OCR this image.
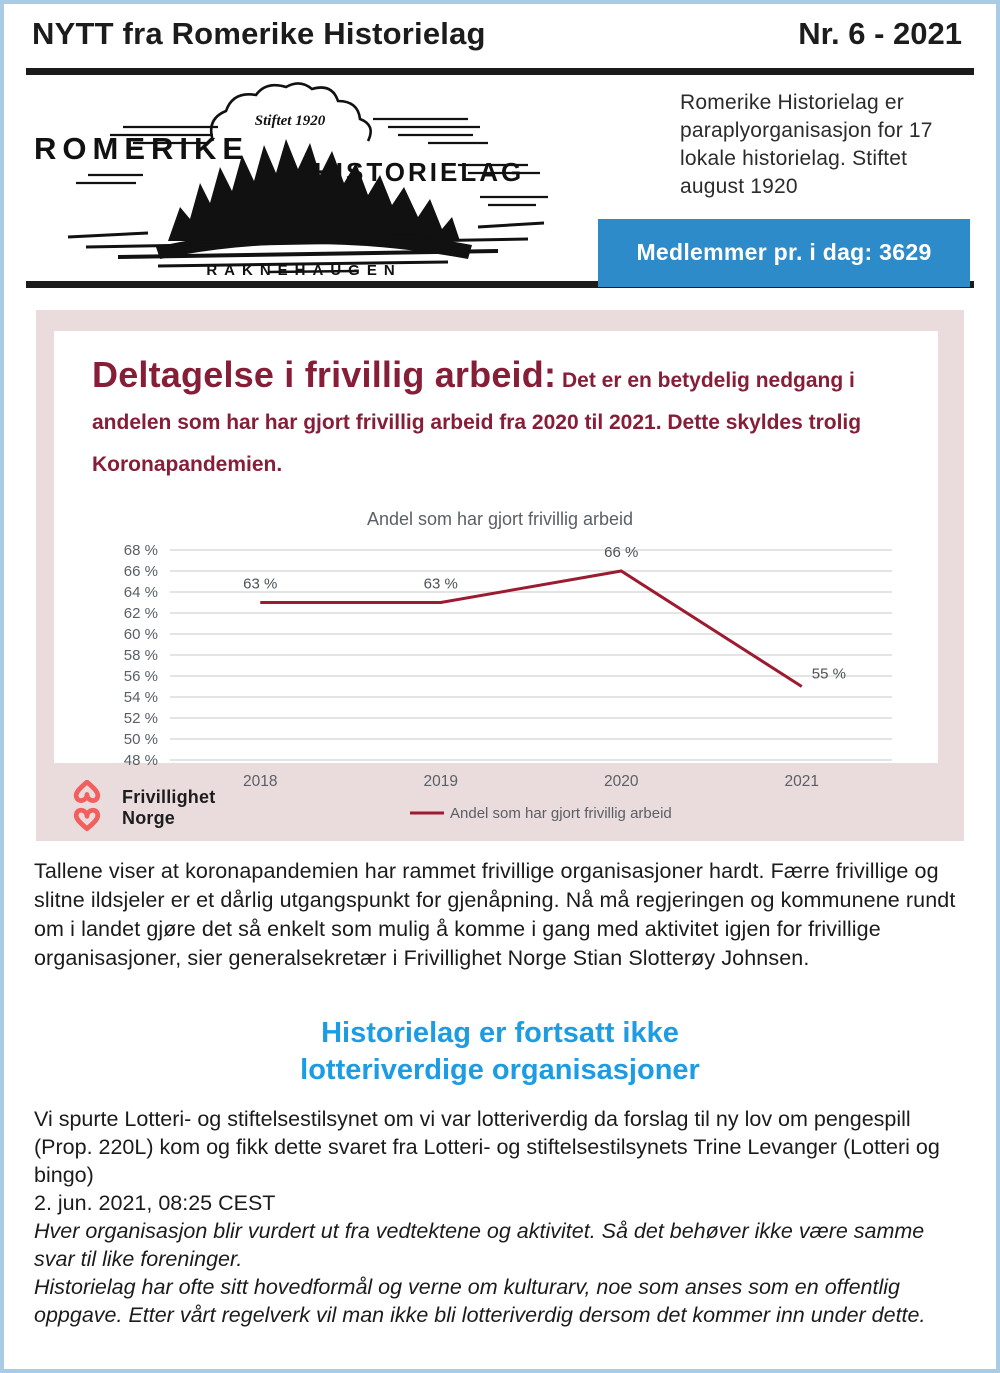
NYTT fra Romerike Historielag	Nr. 6 - 2021
Stiftet 1920
ROMERIKE
HISTORIELAG
RAKNEHAUGEN
Romerike Historielag er paraplyorganisasjon for 17 lokale historielag. Stiftet august 1920
Medlemmer pr. i dag: 3629
Deltagelse i frivillig arbeid: Det er en betydelig nedgang i andelen som har har gjort frivillig arbeid fra 2020 til 2021. Dette skyldes trolig Koronapandemien.
Andel som har gjort frivillig arbeid
48 %
50 %
52 %
54 %
56 %
58 %
60 %
62 %
64 %
66 %
68 %
2018	2019	2020	2021
63 %	63 %
66 %
55 %
Andel som har gjort frivillig arbeid
Frivillighet
Norge

Tallene viser at koronapandemien har rammet frivillige organisasjoner hardt. Færre frivillige og slitne ildsjeler er et dårlig utgangspunkt for gjenåpning. Nå må regjeringen og kommunene rundt om i landet gjøre det så enkelt som mulig å komme i gang med aktivitet igjen for frivillige organisasjoner, sier generalsekretær i Frivillighet Norge Stian Slotterøy Johnsen.

Historielag er fortsatt ikke
lotteriverdige organisasjoner
Vi spurte Lotteri- og stiftelsestilsynet om vi var lotteriverdig da forslag til ny lov om pengespill (Prop. 220L) kom og fikk dette svaret fra Lotteri- og stiftelsestilsynets Trine Levanger (Lotteri og bingo)
2. jun. 2021, 08:25 CEST
Hver organisasjon blir vurdert ut fra vedtektene og aktivitet. Så det behøver ikke være samme svar til like foreninger.
Historielag har ofte sitt hovedformål og verne om kulturarv, noe som anses som en offentlig oppgave. Etter vårt regelverk vil man ikke bli lotteriverdig dersom det kommer inn under dette.
